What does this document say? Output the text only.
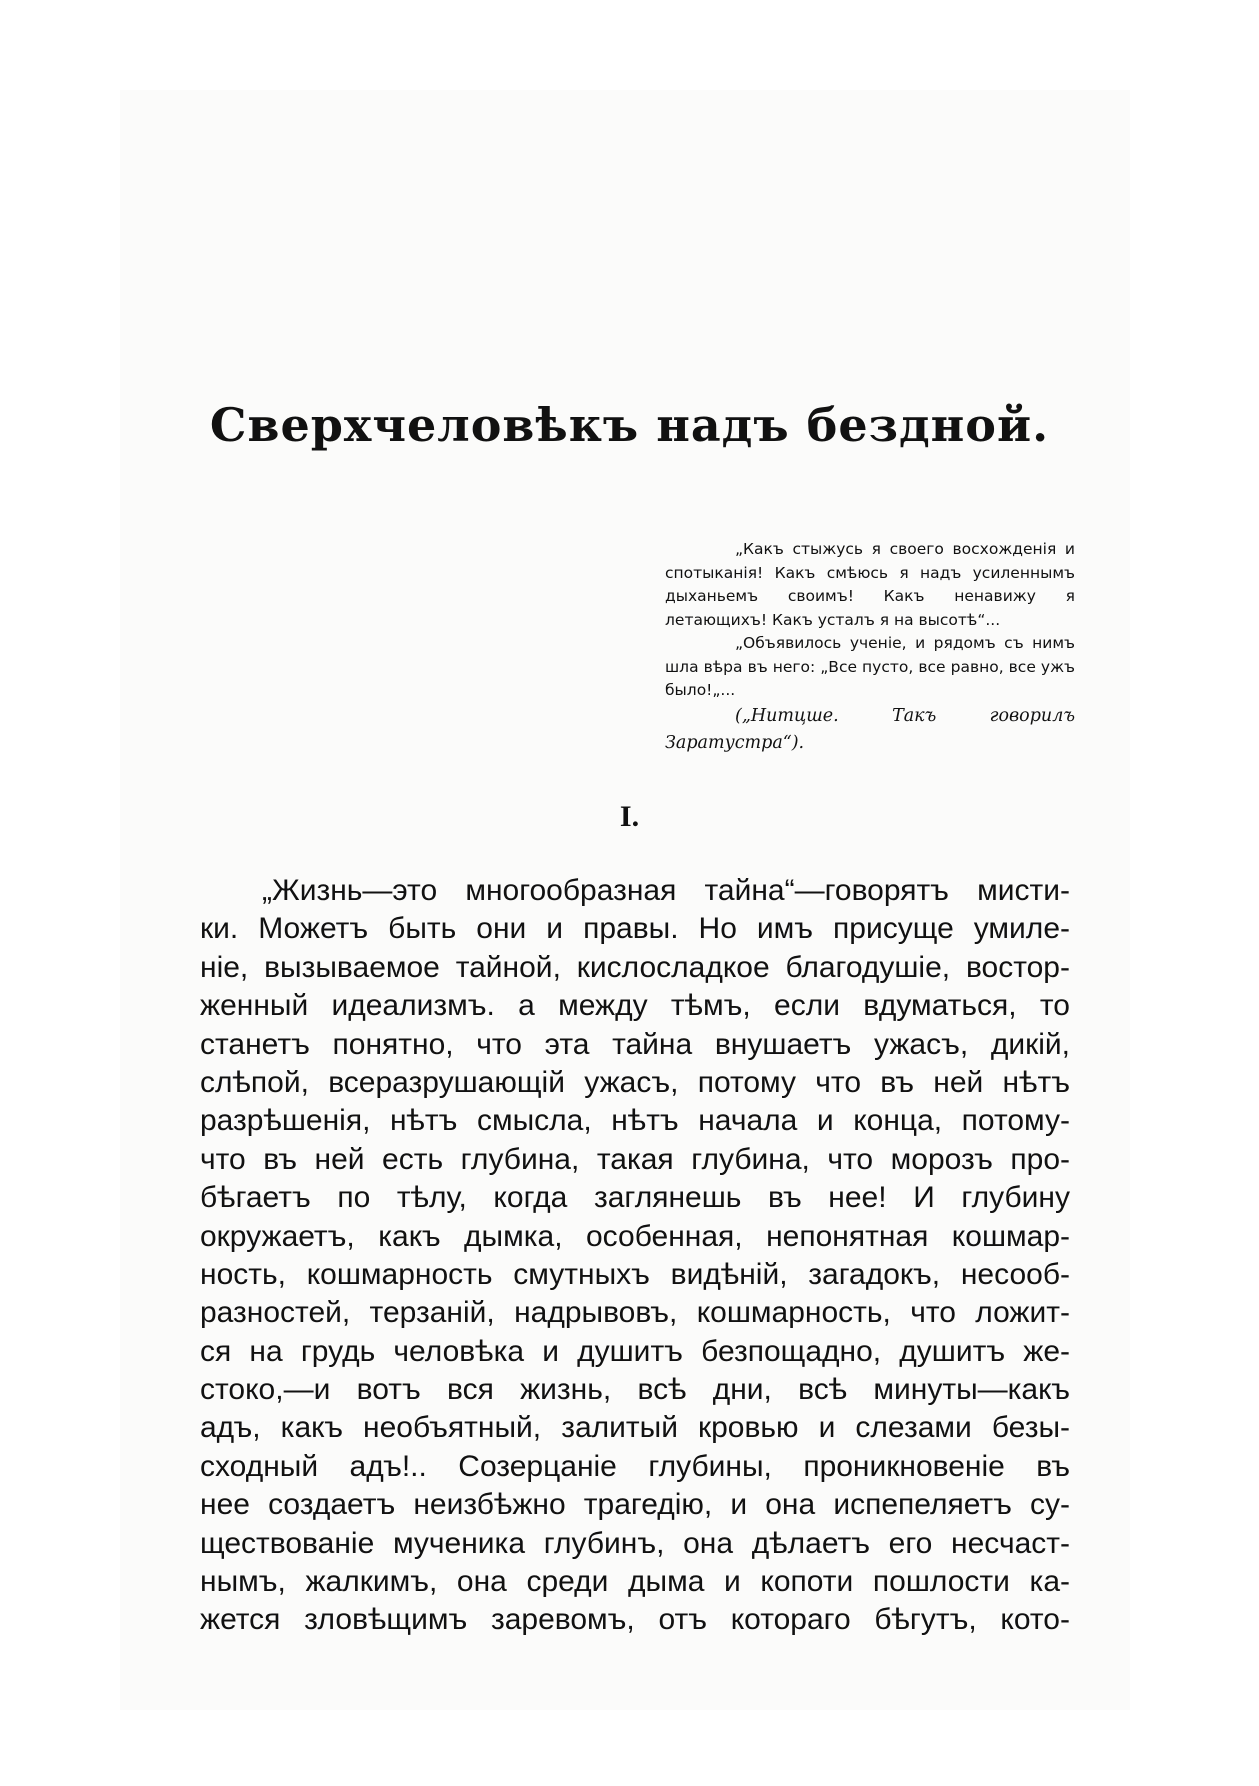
Сверхчеловѣкъ надъ бездной.

„Какъ стыжусь я своего восхожденія и спотыканія! Какъ смѣюсь я надъ усиленнымъ дыханьемъ своимъ! Какъ ненавижу я летающихъ! Какъ усталъ я на высотѣ“...

„Объявилось ученіе, и рядомъ съ нимъ шла вѣра въ него: „Все пусто, все равно, все ужъ было!„...

(„Нитцше. Такъ говорилъ Заратустра“).

I.
„Жизнь—это многообразная тайна“—говорятъ мисти-
ки. Можетъ быть они и правы. Но имъ присуще умиле-
ніе, вызываемое тайной, кислосладкое благодушіе, востор-
женный идеализмъ. а между тѣмъ, если вдуматься, то
станетъ понятно, что эта тайна внушаетъ ужасъ, дикій,
слѣпой, всеразрушающій ужасъ, потому что въ ней нѣтъ
разрѣшенія, нѣтъ смысла, нѣтъ начала и конца, потому-
что въ ней есть глубина, такая глубина, что морозъ про-
бѣгаетъ по тѣлу, когда заглянешь въ нее! И глубину
окружаетъ, какъ дымка, особенная, непонятная кошмар-
ность, кошмарность смутныхъ видѣній, загадокъ, несооб-
разностей, терзаній, надрывовъ, кошмарность, что ложит-
ся на грудь человѣка и душитъ безпощадно, душитъ же-
стоко,—и вотъ вся жизнь, всѣ дни, всѣ минуты—какъ
адъ, какъ необъятный, залитый кровью и слезами безы-
сходный адъ!.. Созерцаніе глубины, проникновеніе въ
нее создаетъ неизбѣжно трагедію, и она испепеляетъ су-
ществованіе мученика глубинъ, она дѣлаетъ его несчаст-
нымъ, жалкимъ, она среди дыма и копоти пошлости ка-
жется зловѣщимъ заревомъ, отъ котораго бѣгутъ, кото-
